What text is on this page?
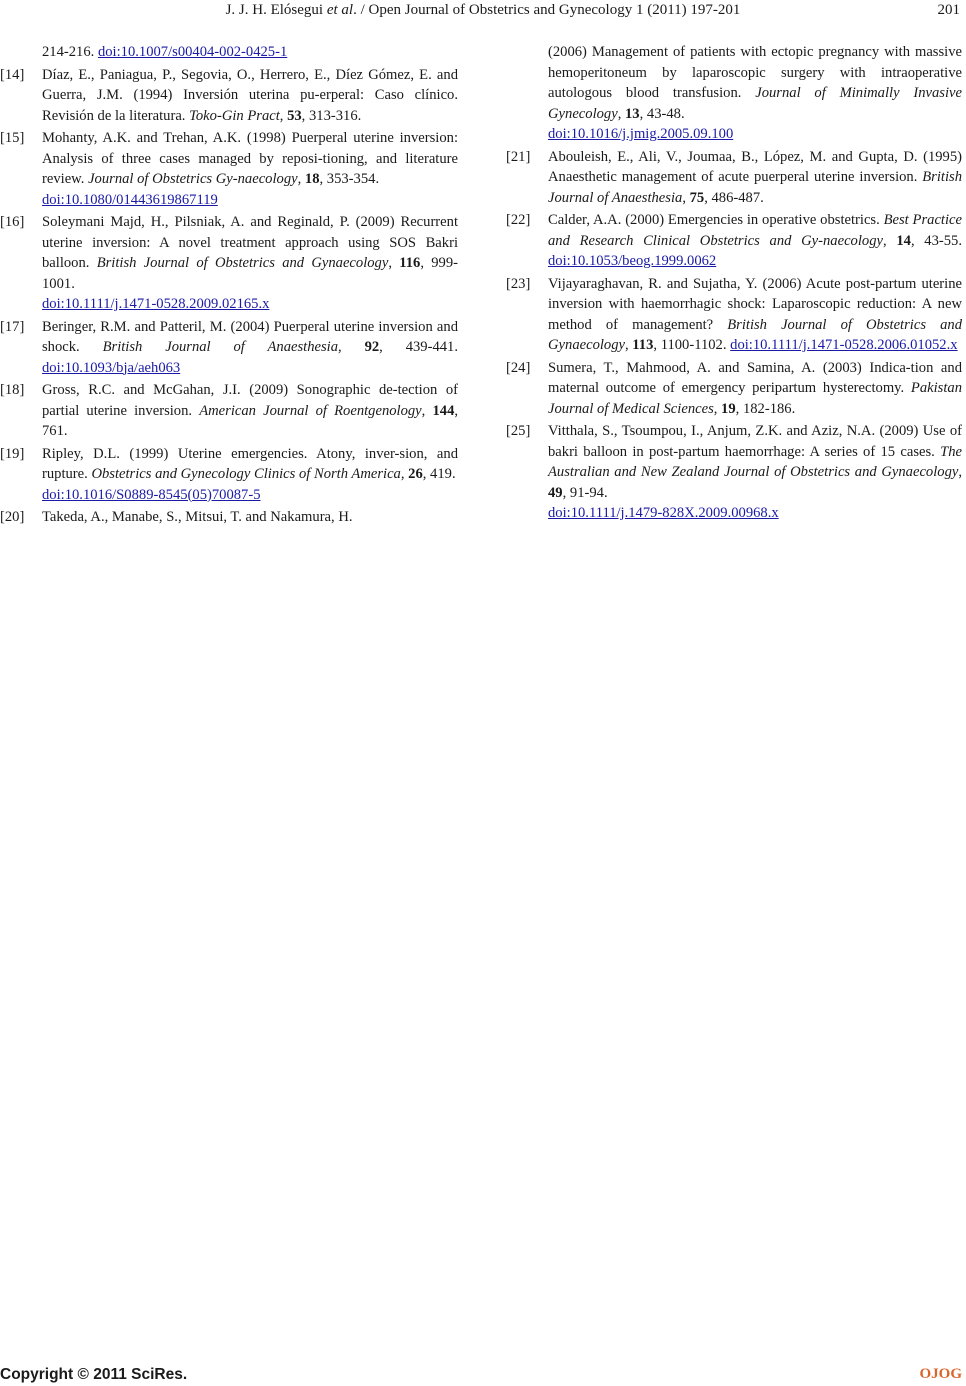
J. J. H. Elósegui et al. / Open Journal of Obstetrics and Gynecology 1 (2011) 197-201	201
214-216. doi:10.1007/s00404-002-0425-1
[14] Díaz, E., Paniagua, P., Segovia, O., Herrero, E., Díez Gómez, E. and Guerra, J.M. (1994) Inversión uterina pu-erperal: Caso clínico. Revisión de la literatura. Toko-Gin Pract, 53, 313-316.
[15] Mohanty, A.K. and Trehan, A.K. (1998) Puerperal uterine inversion: Analysis of three cases managed by reposi-tioning, and literature review. Journal of Obstetrics Gy-naecology, 18, 353-354.
doi:10.1080/01443619867119
[16] Soleymani Majd, H., Pilsniak, A. and Reginald, P. (2009) Recurrent uterine inversion: A novel treatment approach using SOS Bakri balloon. British Journal of Obstetrics and Gynaecology, 116, 999-1001.
doi:10.1111/j.1471-0528.2009.02165.x
[17] Beringer, R.M. and Patteril, M. (2004) Puerperal uterine inversion and shock. British Journal of Anaesthesia, 92, 439-441. doi:10.1093/bja/aeh063
[18] Gross, R.C. and McGahan, J.I. (2009) Sonographic de-tection of partial uterine inversion. American Journal of Roentgenology, 144, 761.
[19] Ripley, D.L. (1999) Uterine emergencies. Atony, inver-sion, and rupture. Obstetrics and Gynecology Clinics of North America, 26, 419.
doi:10.1016/S0889-8545(05)70087-5
[20] Takeda, A., Manabe, S., Mitsui, T. and Nakamura, H.
(2006) Management of patients with ectopic pregnancy with massive hemoperitoneum by laparoscopic surgery with intraoperative autologous blood transfusion. Journal of Minimally Invasive Gynecology, 13, 43-48.
doi:10.1016/j.jmig.2005.09.100
[21] Abouleish, E., Ali, V., Joumaa, B., López, M. and Gupta, D. (1995) Anaesthetic management of acute puerperal uterine inversion. British Journal of Anaesthesia, 75, 486-487.
[22] Calder, A.A. (2000) Emergencies in operative obstetrics. Best Practice and Research Clinical Obstetrics and Gy-naecology, 14, 43-55. doi:10.1053/beog.1999.0062
[23] Vijayaraghavan, R. and Sujatha, Y. (2006) Acute post-partum uterine inversion with haemorrhagic shock: Laparoscopic reduction: A new method of management? British Journal of Obstetrics and Gynaecology, 113, 1100-1102. doi:10.1111/j.1471-0528.2006.01052.x
[24] Sumera, T., Mahmood, A. and Samina, A. (2003) Indica-tion and maternal outcome of emergency peripartum hysterectomy. Pakistan Journal of Medical Sciences, 19, 182-186.
[25] Vitthala, S., Tsoumpou, I., Anjum, Z.K. and Aziz, N.A. (2009) Use of bakri balloon in post-partum haemorrhage: A series of 15 cases. The Australian and New Zealand Journal of Obstetrics and Gynaecology, 49, 91-94.
doi:10.1111/j.1479-828X.2009.00968.x
Copyright © 2011 SciRes.	OJOG
